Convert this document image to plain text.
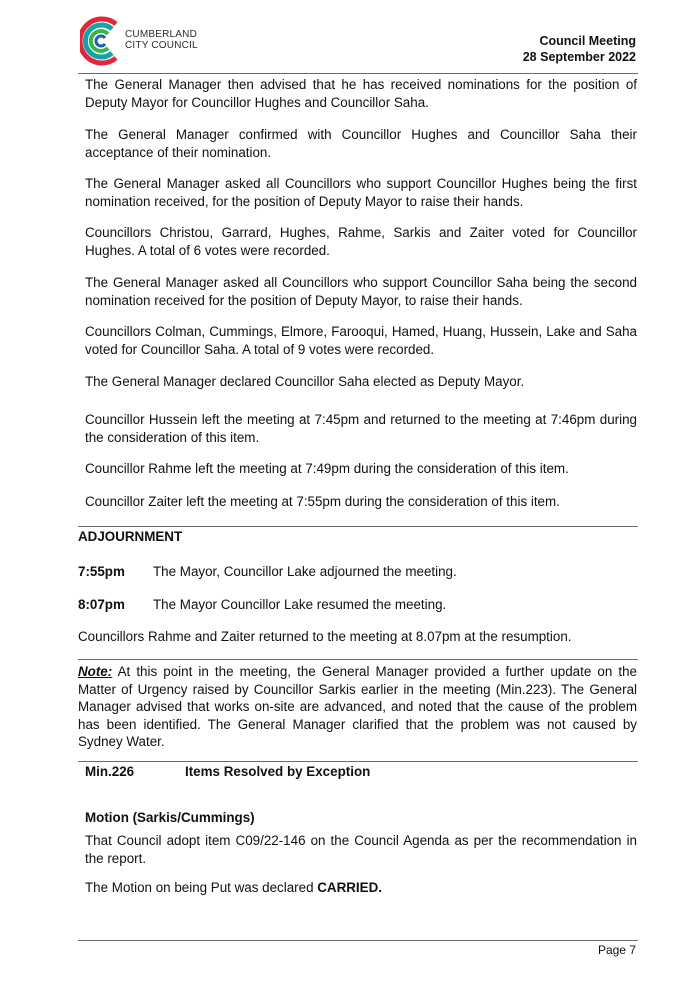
CUMBERLAND
CITY COUNCIL	Council Meeting
28 September 2022
The General Manager then advised that he has received nominations for the position of Deputy Mayor for Councillor Hughes and Councillor Saha.
The General Manager confirmed with Councillor Hughes and Councillor Saha their acceptance of their nomination.
The General Manager asked all Councillors who support Councillor Hughes being the first nomination received, for the position of Deputy Mayor to raise their hands.
Councillors Christou, Garrard, Hughes, Rahme, Sarkis and Zaiter voted for Councillor Hughes. A total of 6 votes were recorded.
The General Manager asked all Councillors who support Councillor Saha being the second nomination received for the position of Deputy Mayor, to raise their hands.
Councillors Colman, Cummings, Elmore, Farooqui, Hamed, Huang, Hussein, Lake and Saha voted for Councillor Saha. A total of 9 votes were recorded.
The General Manager declared Councillor Saha elected as Deputy Mayor.
Councillor Hussein left the meeting at 7:45pm and returned to the meeting at 7:46pm during the consideration of this item.
Councillor Rahme left the meeting at 7:49pm during the consideration of this item.
Councillor Zaiter left the meeting at 7:55pm during the consideration of this item.
ADJOURNMENT
7:55pm The Mayor, Councillor Lake adjourned the meeting.
8:07pm The Mayor Councillor Lake resumed the meeting.
Councillors Rahme and Zaiter returned to the meeting at 8.07pm at the resumption.
Note: At this point in the meeting, the General Manager provided a further update on the Matter of Urgency raised by Councillor Sarkis earlier in the meeting (Min.223). The General Manager advised that works on-site are advanced, and noted that the cause of the problem has been identified. The General Manager clarified that the problem was not caused by Sydney Water.
Min.226	Items Resolved by Exception
Motion (Sarkis/Cummings)
That Council adopt item C09/22-146 on the Council Agenda as per the recommendation in the report.
The Motion on being Put was declared CARRIED.
Page 7
